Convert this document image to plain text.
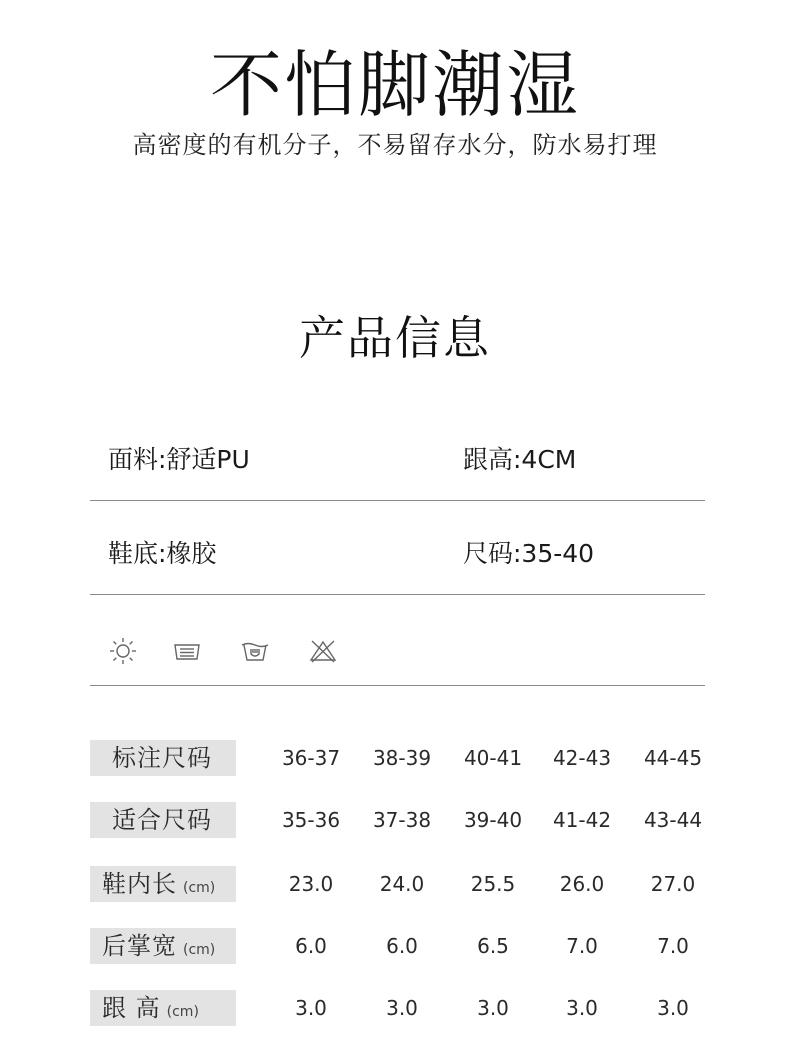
不怕脚潮湿
高密度的有机分子，不易留存水分，防水易打理
产品信息
面料:舒适PU	跟高:4CM
鞋底:橡胶	尺码:35-40
标注尺码	36-37	38-39	40-41	42-43	44-45
适合尺码	35-36	37-38	39-40	41-42	43-44
鞋内长 (cm)	23.0	24.0	25.5	26.0	27.0
后掌宽 (cm)	6.0	6.0	6.5	7.0	7.0
跟 高 (cm)	3.0	3.0	3.0	3.0	3.0
